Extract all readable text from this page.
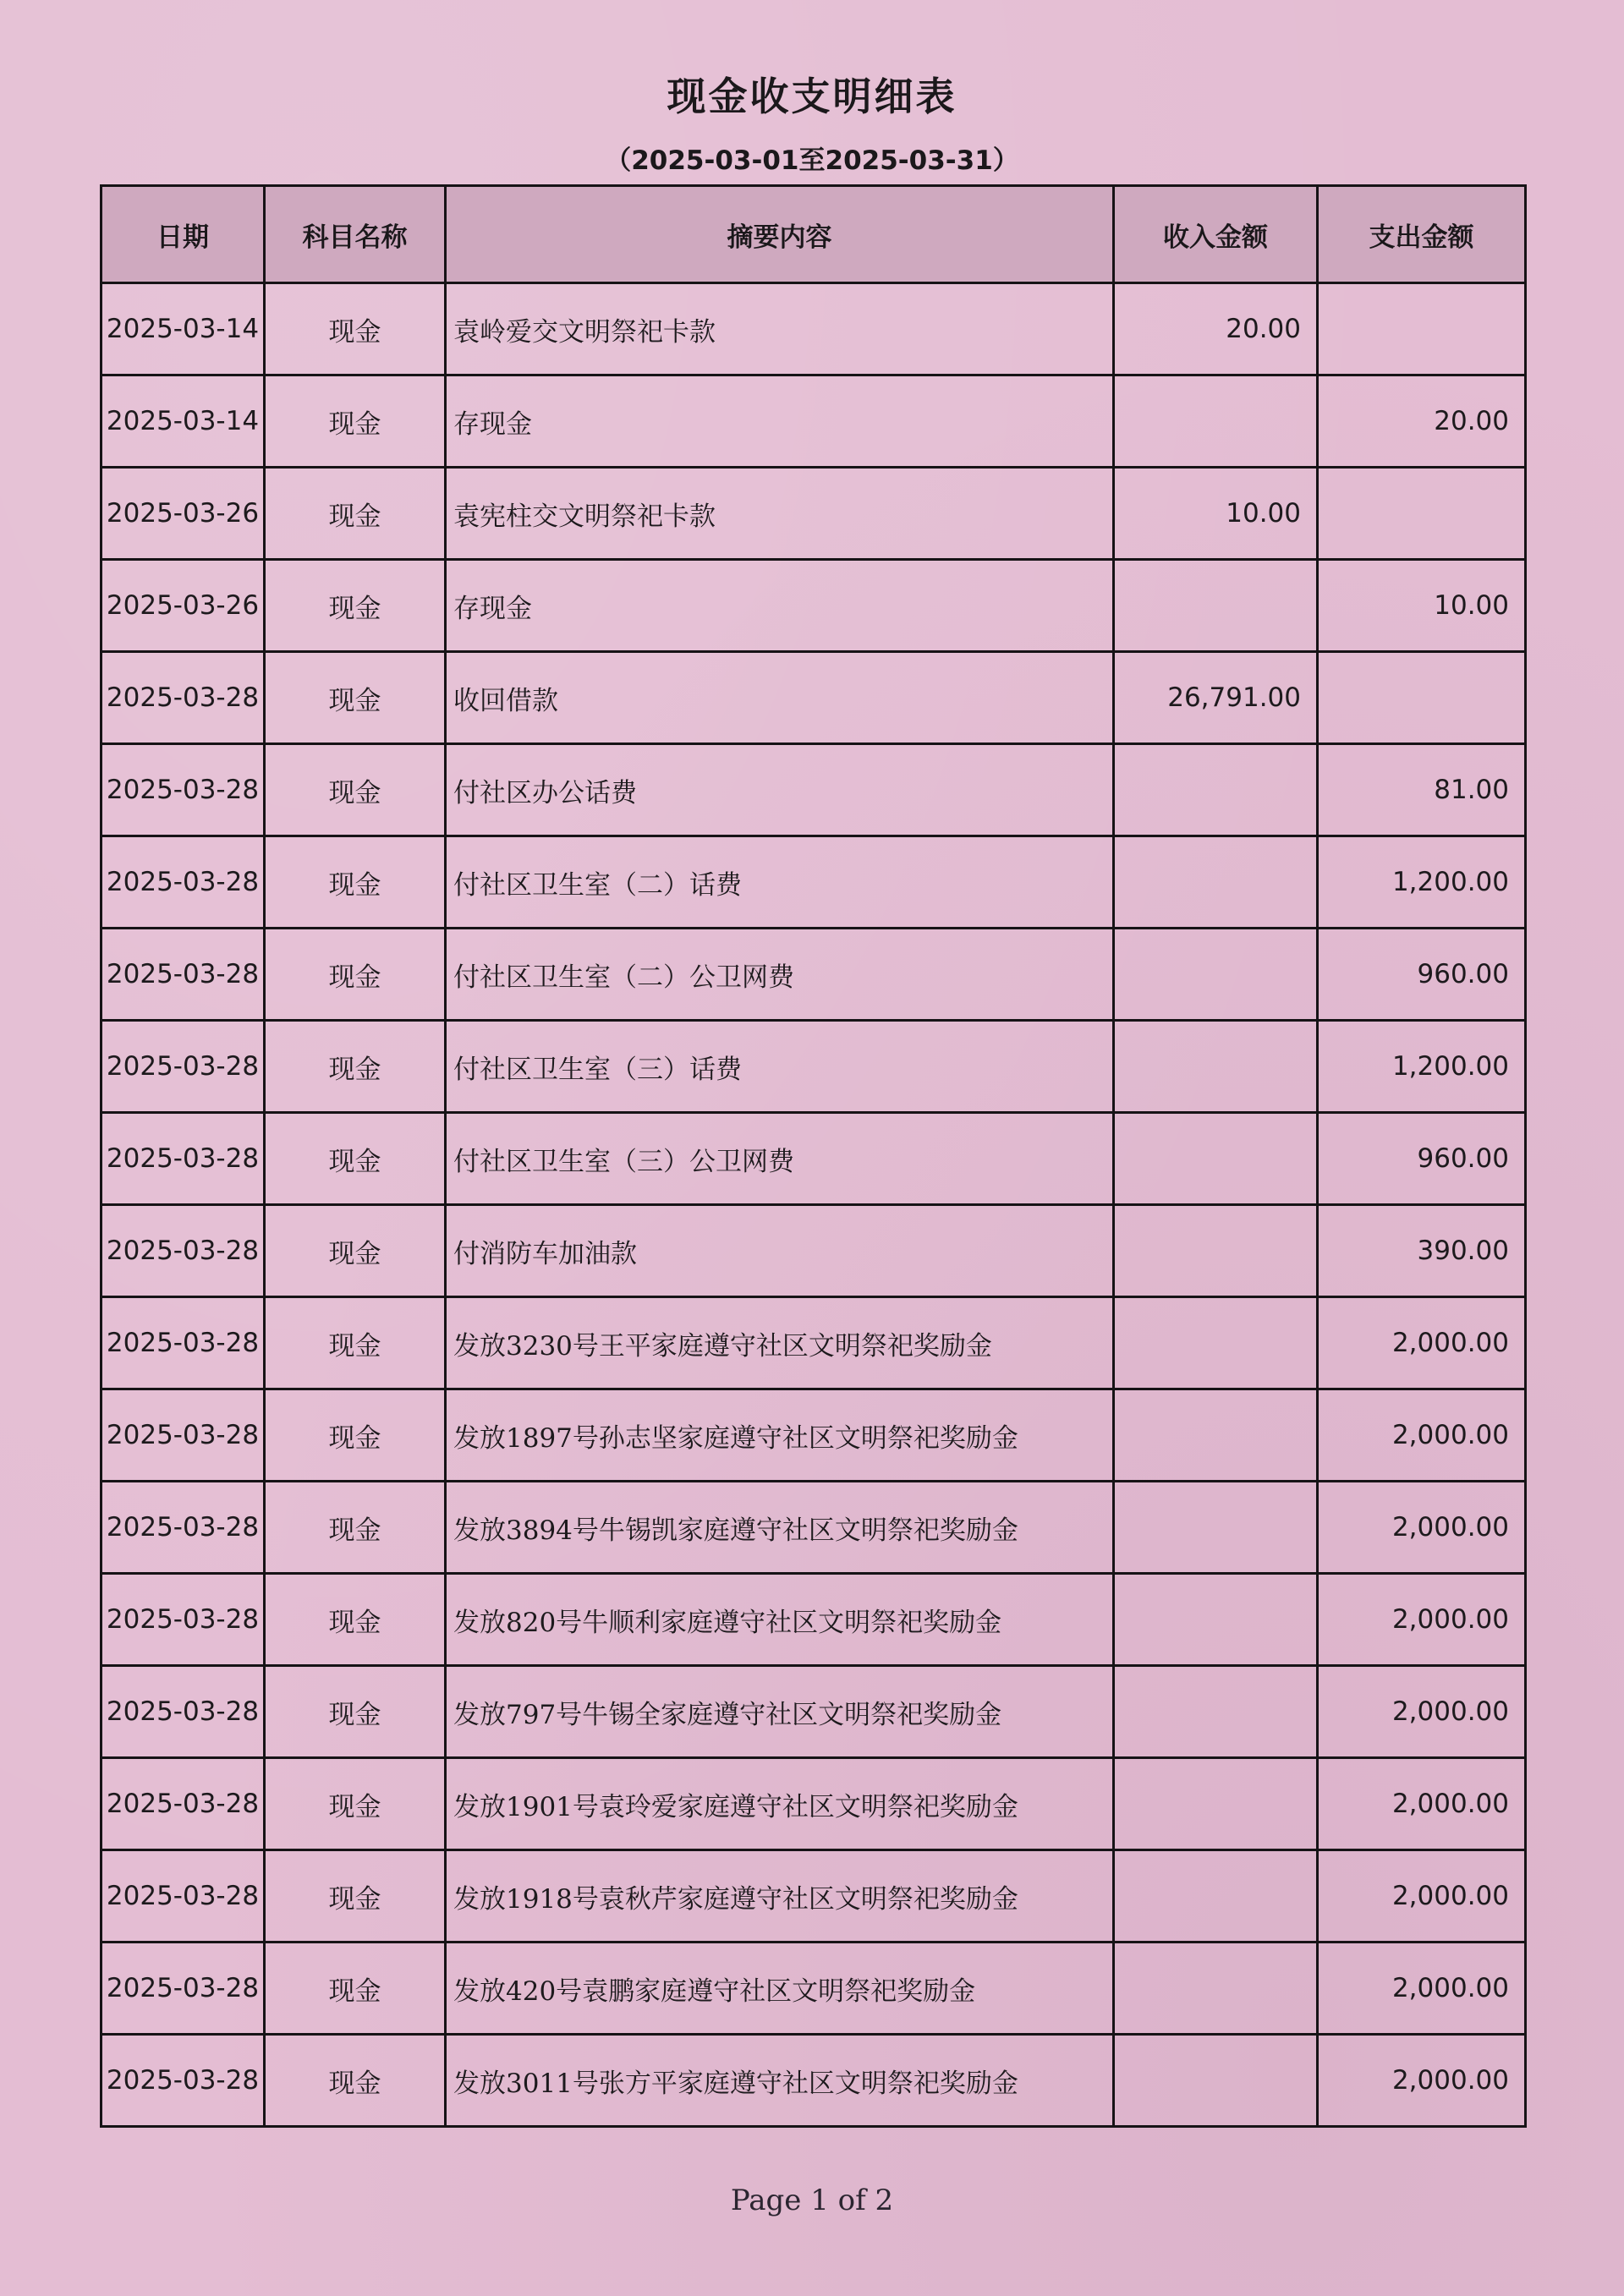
现金收支明细表
（2025-03-01至2025-03-31）
日期	科目名称	摘要内容	收入金额	支出金额
2025-03-14	现金	袁岭爱交文明祭祀卡款	20.00	
2025-03-14	现金	存现金		20.00
2025-03-26	现金	袁宪柱交文明祭祀卡款	10.00	
2025-03-26	现金	存现金		10.00
2025-03-28	现金	收回借款	26,791.00	
2025-03-28	现金	付社区办公话费		81.00
2025-03-28	现金	付社区卫生室（二）话费		1,200.00
2025-03-28	现金	付社区卫生室（二）公卫网费		960.00
2025-03-28	现金	付社区卫生室（三）话费		1,200.00
2025-03-28	现金	付社区卫生室（三）公卫网费		960.00
2025-03-28	现金	付消防车加油款		390.00
2025-03-28	现金	发放3230号王平家庭遵守社区文明祭祀奖励金		2,000.00
2025-03-28	现金	发放1897号孙志坚家庭遵守社区文明祭祀奖励金		2,000.00
2025-03-28	现金	发放3894号牛锡凯家庭遵守社区文明祭祀奖励金		2,000.00
2025-03-28	现金	发放820号牛顺利家庭遵守社区文明祭祀奖励金		2,000.00
2025-03-28	现金	发放797号牛锡全家庭遵守社区文明祭祀奖励金		2,000.00
2025-03-28	现金	发放1901号袁玲爱家庭遵守社区文明祭祀奖励金		2,000.00
2025-03-28	现金	发放1918号袁秋芹家庭遵守社区文明祭祀奖励金		2,000.00
2025-03-28	现金	发放420号袁鹏家庭遵守社区文明祭祀奖励金		2,000.00
2025-03-28	现金	发放3011号张方平家庭遵守社区文明祭祀奖励金		2,000.00
Page 1 of 2
